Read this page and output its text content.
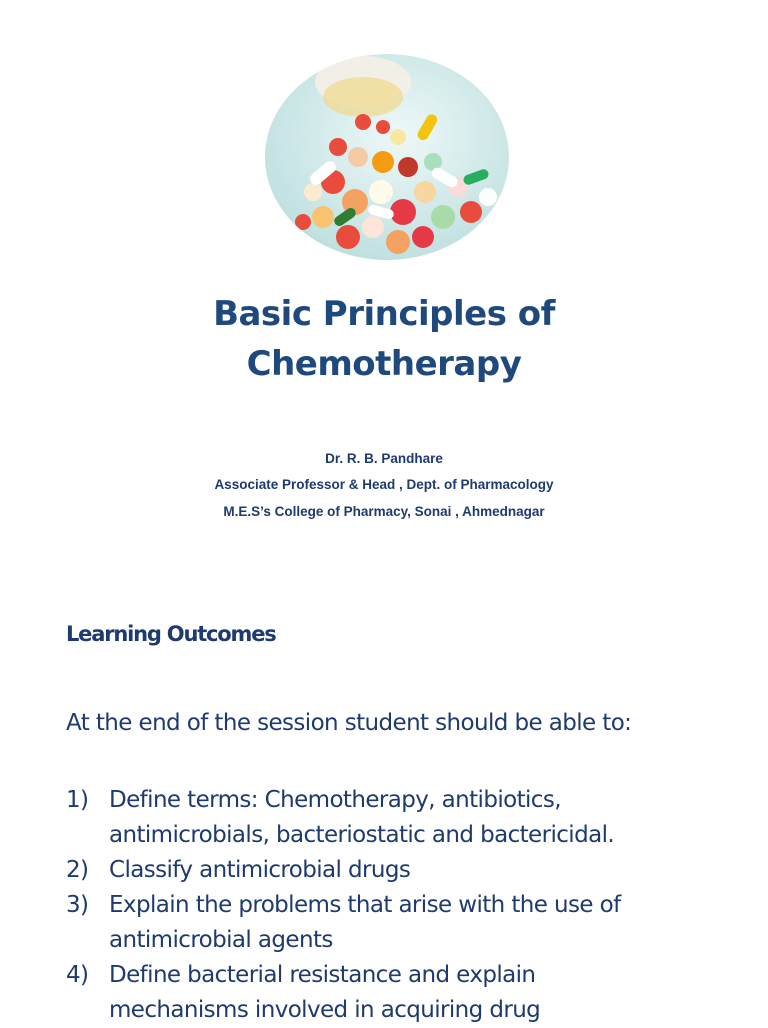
Basic Principles of
Chemotherapy
Dr. R. B. Pandhare
Associate Professor & Head , Dept. of Pharmacology
M.E.S’s College of Pharmacy, Sonai , Ahmednagar
Learning Outcomes
At the end of the session student should be able to:
1) Define terms: Chemotherapy, antibiotics,
antimicrobials, bacteriostatic and bactericidal.
2) Classify antimicrobial drugs
3) Explain the problems that arise with the use of
antimicrobial agents
4) Define bacterial resistance and explain
mechanisms involved in acquiring drug
